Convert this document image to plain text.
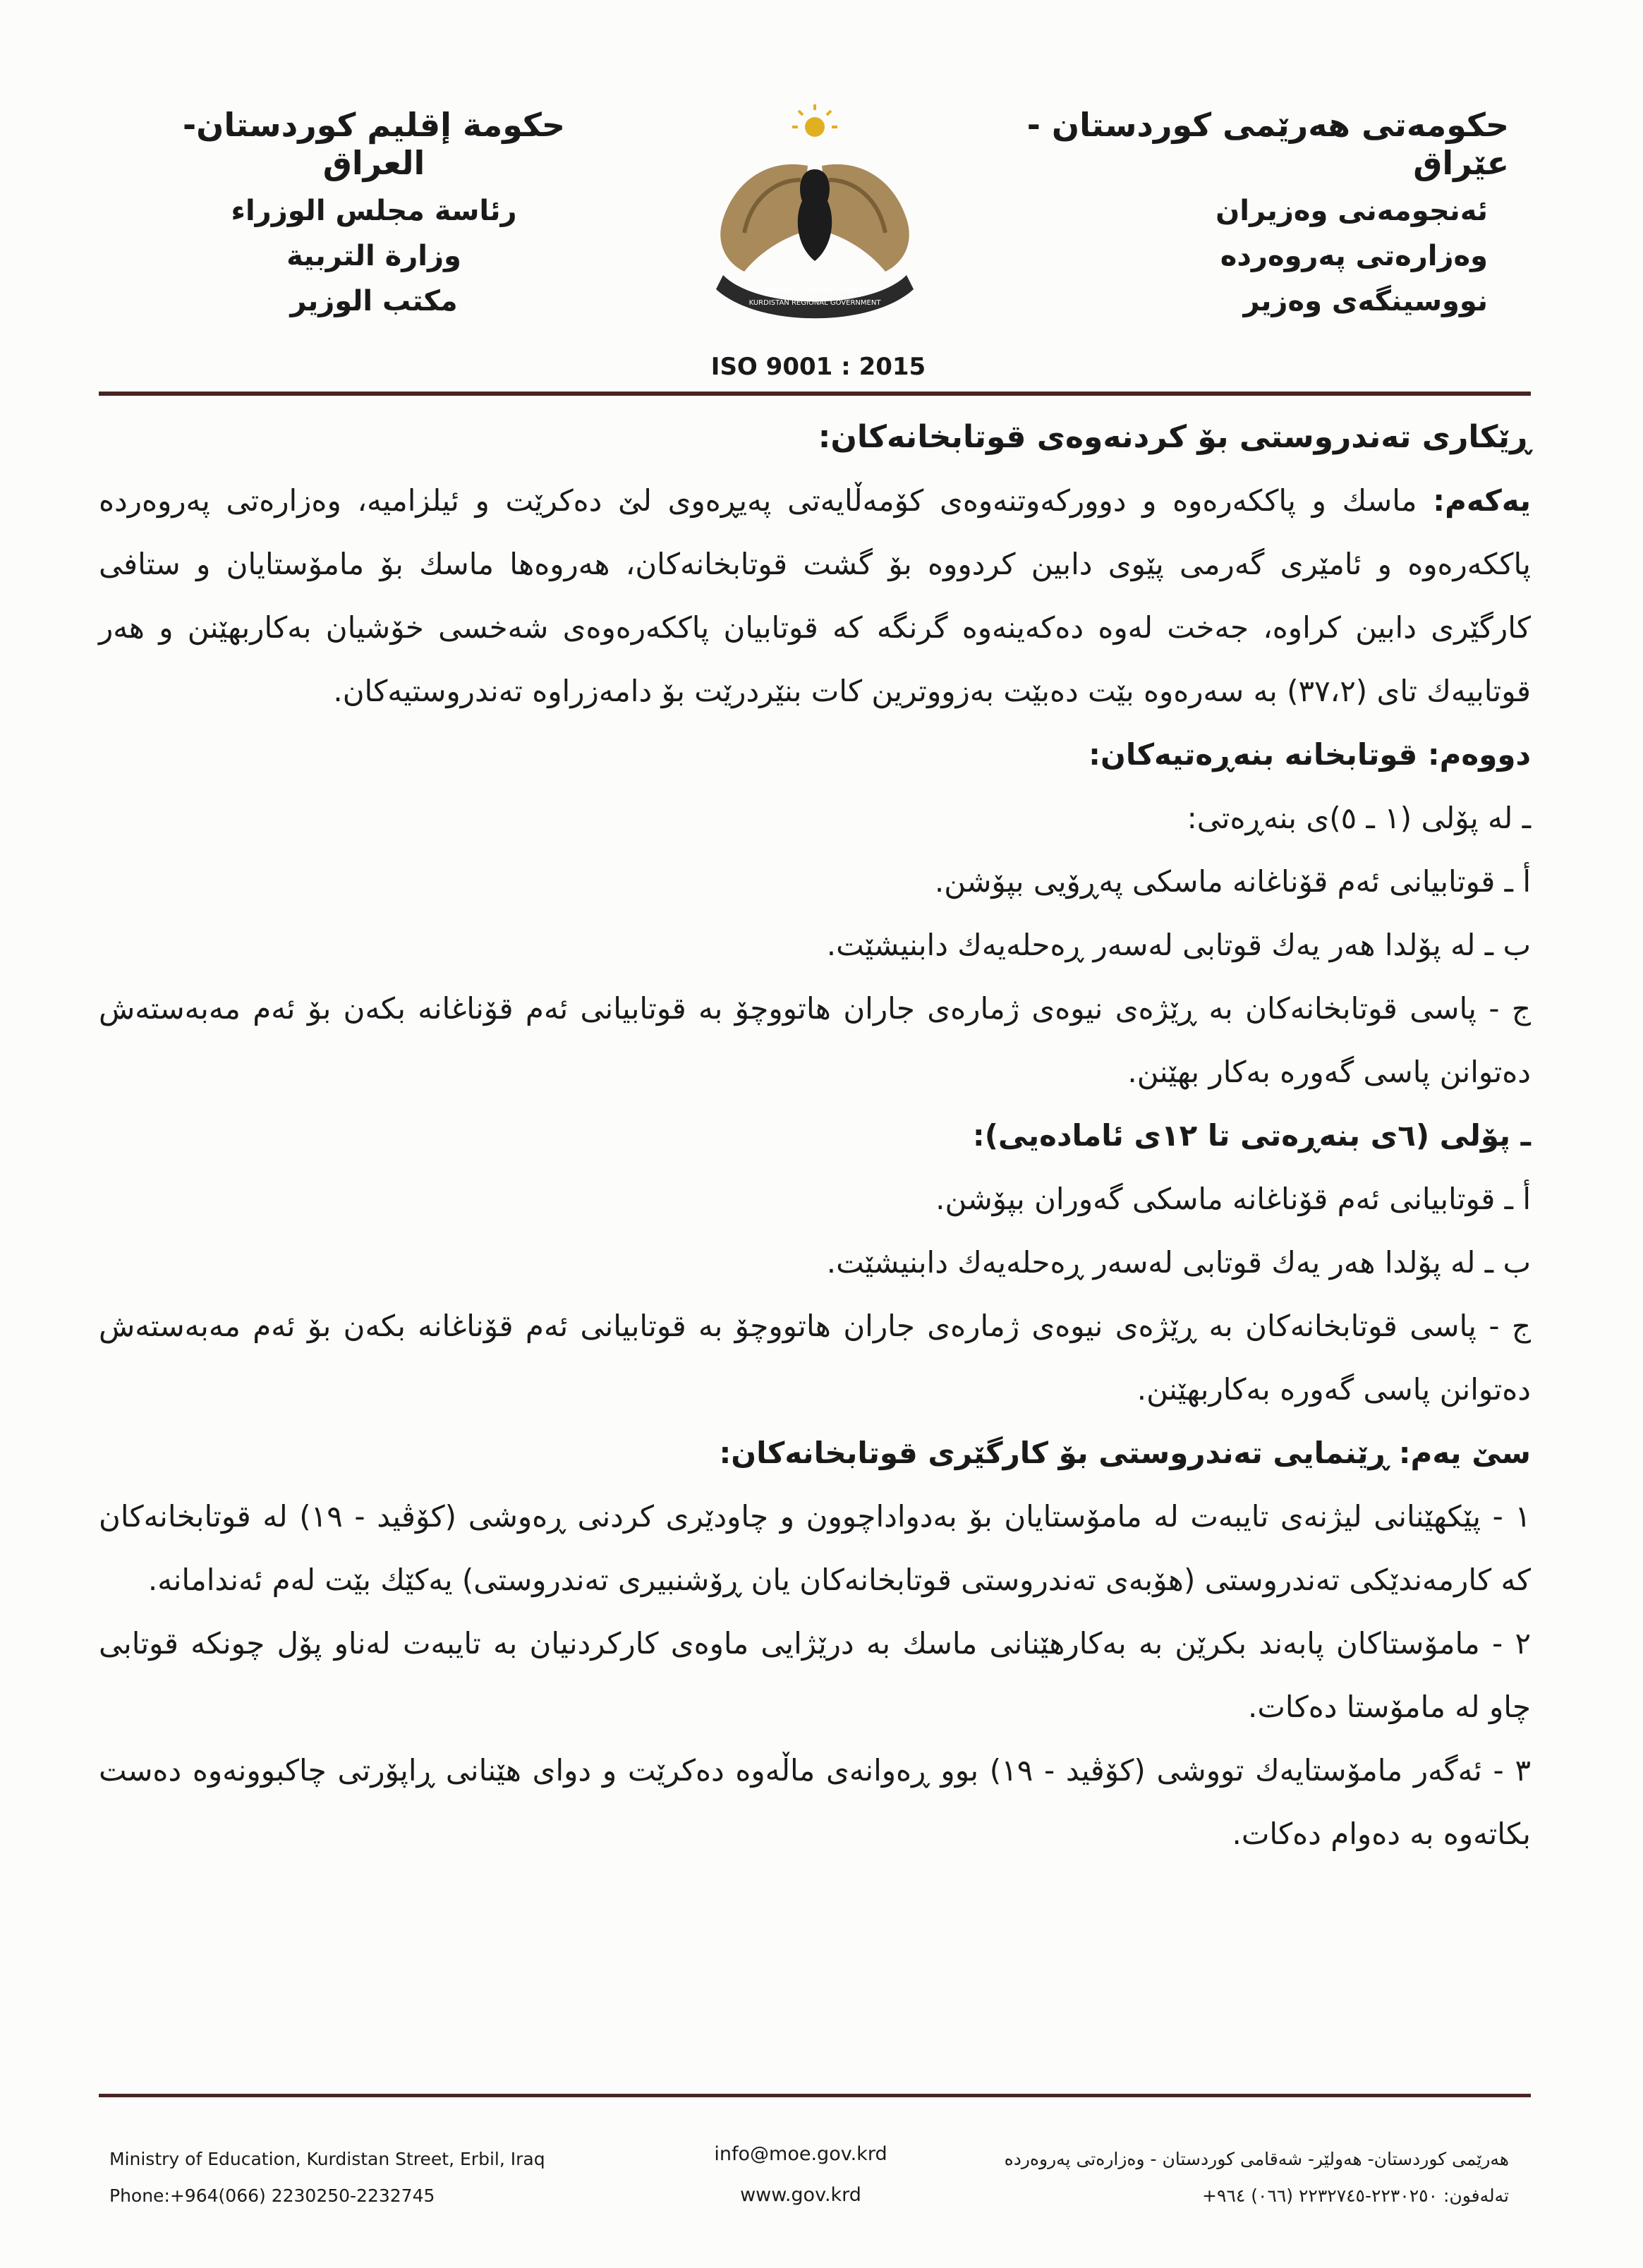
حکومەتی هەرێمی کوردستان - عێراق
ئەنجومەنی وەزیران
وەزارەتی پەروەردە
نووسینگەی وەزیر
حكومة إقليم كوردستان- العراق
رئاسة مجلس الوزراء
وزارة التربية
مكتب الوزير	حكومەتی هەرێمی کوردستان
KURDISTAN REGIONAL GOVERNMENT
ISO 9001 : 2015

ڕێکاری تەندروستی بۆ کردنەوەی قوتابخانەکان:

یەکەم: ماسك و پاککەرەوە و دوورکەوتنەوەی کۆمەڵایەتی پەیڕەوی لێ دەکرێت و ئیلزامیە، وەزارەتی پەروەردە پاککەرەوە و ئامێری گەرمی پێوی دابین کردووە بۆ گشت قوتابخانەکان، هەروەها ماسك بۆ مامۆستایان و ستافی کارگێری دابین کراوە، جەخت لەوە دەکەینەوە گرنگە کە قوتابیان پاککەرەوەی شەخسی خۆشیان بەکاربهێنن و هەر قوتابیەك تای (٣٧،٢) بە سەرەوە بێت دەبێت بەزووترین کات بنێردرێت بۆ دامەزراوە تەندروستیەکان.

دووەم: قوتابخانە بنەڕەتیەکان:

ـ لە پۆلی (١ ـ ٥)ی بنەڕەتی:

أ ـ قوتابیانی ئەم قۆناغانە ماسکی پەڕۆیی بپۆشن.

ب ـ لە پۆلدا هەر یەك قوتابی لەسەر ڕەحلەیەك دابنیشێت.

ج - پاسی قوتابخانەکان بە ڕێژەی نیوەی ژمارەی جاران هاتووچۆ بە قوتابیانی ئەم قۆناغانە بکەن بۆ ئەم مەبەستەش دەتوانن پاسی گەورە بەکار بهێنن.

ـ پۆلی (٦ی بنەڕەتی تا ١٢ی ئامادەیی):

أ ـ قوتابیانی ئەم قۆناغانە ماسکی گەوران بپۆشن.

ب ـ لە پۆلدا هەر یەك قوتابی لەسەر ڕەحلەیەك دابنیشێت.

ج - پاسی قوتابخانەکان بە ڕێژەی نیوەی ژمارەی جاران هاتووچۆ بە قوتابیانی ئەم قۆناغانە بکەن بۆ ئەم مەبەستەش دەتوانن پاسی گەورە بەکاربهێنن.

سێ یەم: ڕێنمایی تەندروستی بۆ کارگێری قوتابخانەکان:

١ - پێکهێنانی لیژنەی تایبەت لە مامۆستایان بۆ بەدواداچوون و چاودێری کردنی ڕەوشی (کۆڤید - ١٩) لە قوتابخانەکان کە کارمەندێکی تەندروستی (هۆبەی تەندروستی قوتابخانەکان یان ڕۆشنبیری تەندروستی) یەکێك بێت لەم ئەندامانە.

٢ - مامۆستاکان پابەند بکرێن بە بەکارهێنانی ماسك بە درێژایی ماوەی کارکردنیان بە تایبەت لەناو پۆل چونکە قوتابی چاو لە مامۆستا دەکات.

٣ - ئەگەر مامۆستایەك تووشی (کۆڤید - ١٩) بوو ڕەوانەی ماڵەوە دەکرێت و دوای هێنانی ڕاپۆرتی چاکبوونەوە دەست بکاتەوە بە دەوام دەکات.

Ministry of Education, Kurdistan Street, Erbil, Iraq
Phone:+964(066) 2230250-2232745
info@moe.gov.krd
www.gov.krd
هەرێمی کوردستان- هەولێر- شەقامی کوردستان - وەزارەتی پەروەردە
تەلەفون: ٢٢٣٠٢٥٠-٢٢٣٢٧٤٥ (٠٦٦) ٩٦٤+
